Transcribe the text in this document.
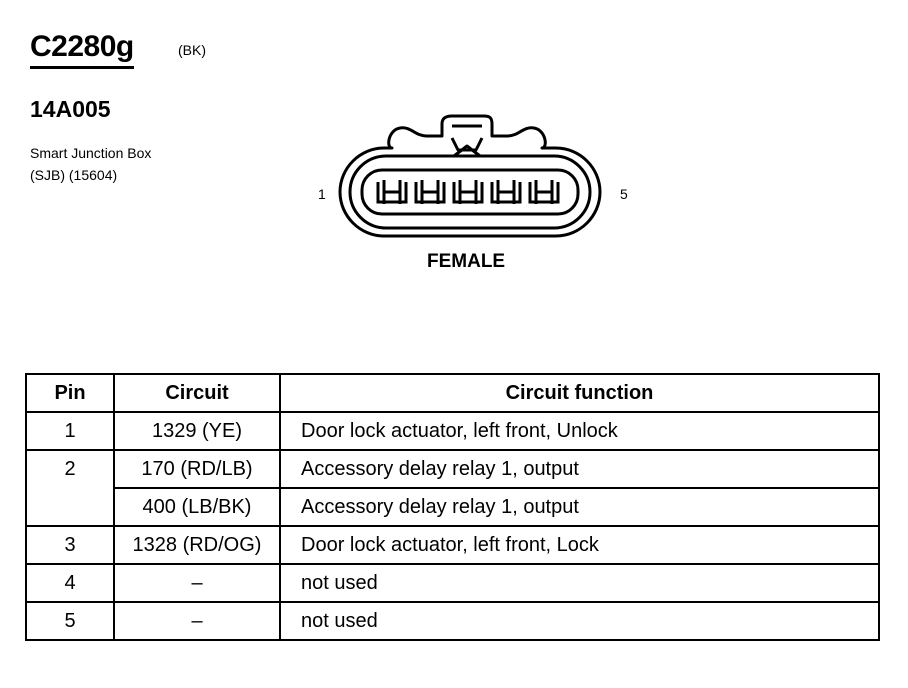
C2280g	(BK)
14A005
Smart Junction Box
(SJB) (15604)
1	5
FEMALE
Pin	Circuit	Circuit function
1	1329 (YE)	Door lock actuator, left front, Unlock
2	170 (RD/LB)	Accessory delay relay 1, output
	400 (LB/BK)	Accessory delay relay 1, output
3	1328 (RD/OG)	Door lock actuator, left front, Lock
4	–	not used
5	–	not used
